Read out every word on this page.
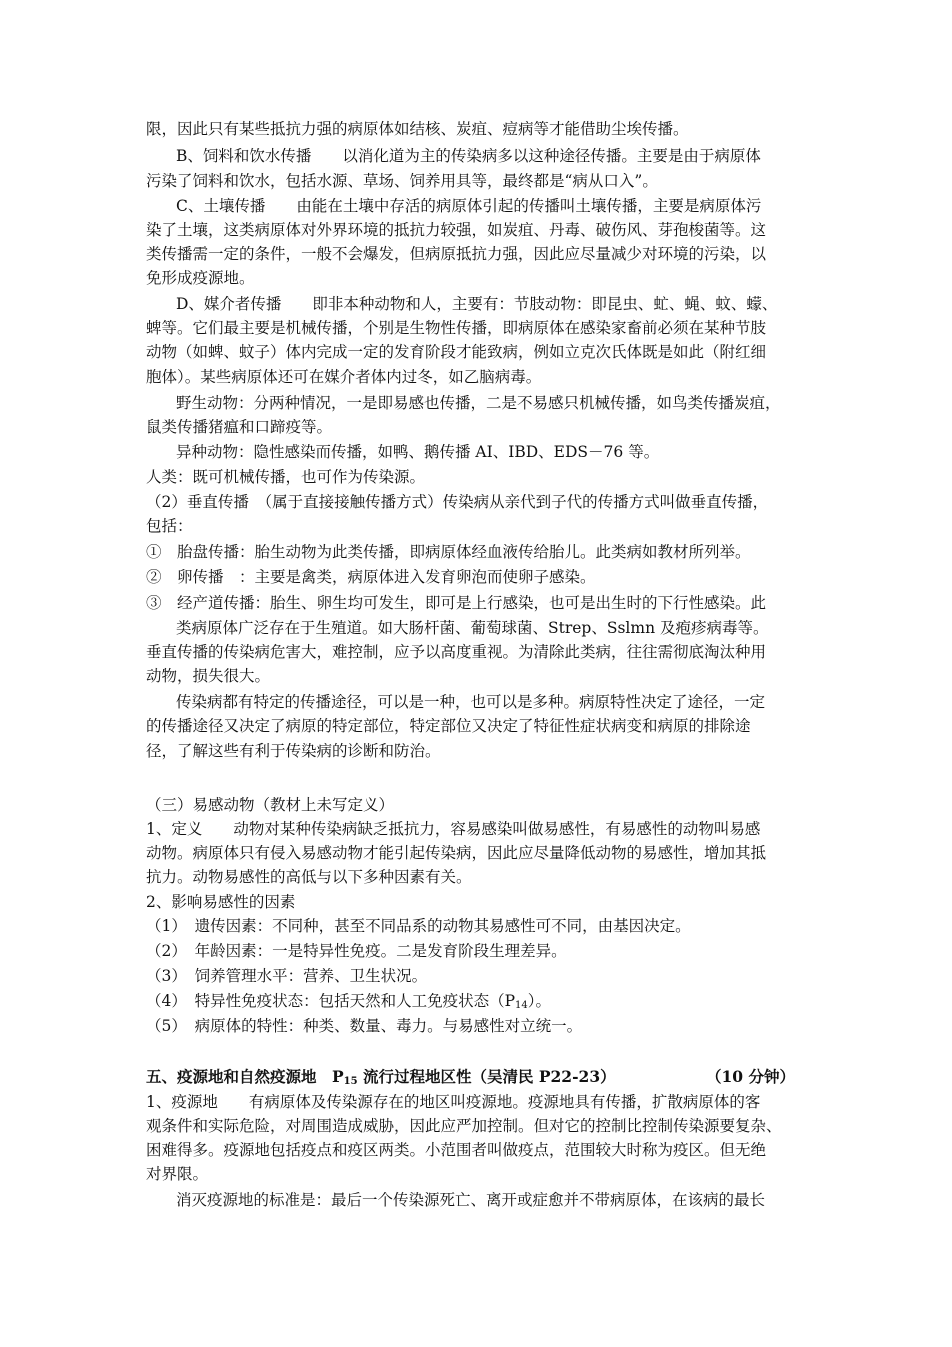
限，因此只有某些抵抗力强的病原体如结核、炭疽、痘病等才能借助尘埃传播。
B、饲料和饮水传播　　以消化道为主的传染病多以这种途径传播。主要是由于病原体
污染了饲料和饮水，包括水源、草场、饲养用具等，最终都是“病从口入”。
C、土壤传播　　由能在土壤中存活的病原体引起的传播叫土壤传播，主要是病原体污
染了土壤，这类病原体对外界环境的抵抗力较强，如炭疽、丹毒、破伤风、芽孢梭菌等。这
类传播需一定的条件，一般不会爆发，但病原抵抗力强，因此应尽量减少对环境的污染，以
免形成疫源地。
D、媒介者传播　　即非本种动物和人，主要有：节肢动物：即昆虫、虻、蝇、蚊、蠓、
蜱等。它们最主要是机械传播，个别是生物性传播，即病原体在感染家畜前必须在某种节肢
动物（如蜱、蚊子）体内完成一定的发育阶段才能致病，例如立克次氏体既是如此（附红细
胞体）。某些病原体还可在媒介者体内过冬，如乙脑病毒。
野生动物：分两种情况，一是即易感也传播，二是不易感只机械传播，如鸟类传播炭疽，
鼠类传播猪瘟和口蹄疫等。
异种动物：隐性感染而传播，如鸭、鹅传播 AI、IBD、EDS－76 等。
人类：既可机械传播，也可作为传染源。
（2）垂直传播　（属于直接接触传播方式）传染病从亲代到子代的传播方式叫做垂直传播，
包括：
①　胎盘传播：胎生动物为此类传播，即病原体经血液传给胎儿。此类病如教材所列举。
②　卵传播　：主要是禽类，病原体进入发育卵泡而使卵子感染。
③　经产道传播：胎生、卵生均可发生，即可是上行感染，也可是出生时的下行性感染。此
类病原体广泛存在于生殖道。如大肠杆菌、葡萄球菌、Strep、Sslmn 及疱疹病毒等。
垂直传播的传染病危害大，难控制，应予以高度重视。为清除此类病，往往需彻底淘汰种用
动物，损失很大。
传染病都有特定的传播途径，可以是一种，也可以是多种。病原特性决定了途径，一定
的传播途径又决定了病原的特定部位，特定部位又决定了特征性症状病变和病原的排除途
径，了解这些有利于传染病的诊断和防治。
（三）易感动物（教材上未写定义）
1、定义　　动物对某种传染病缺乏抵抗力，容易感染叫做易感性，有易感性的动物叫易感
动物。病原体只有侵入易感动物才能引起传染病，因此应尽量降低动物的易感性，增加其抵
抗力。动物易感性的高低与以下多种因素有关。
2、影响易感性的因素
（1）　遗传因素：不同种，甚至不同品系的动物其易感性可不同，由基因决定。
（2）　年龄因素：一是特异性免疫。二是发育阶段生理差异。
（3）　饲养管理水平：营养、卫生状况。
（4）　特异性免疫状态：包括天然和人工免疫状态$(P_{14})$。
（5）　病原体的特性：种类、数量、毒力。与易感性对立统一。
五、疫源地和自然疫源地　$P_{15}$ 流行过程地区性（吴清民 P22-23）	（10 分钟）
1、疫源地　　有病原体及传染源存在的地区叫疫源地。疫源地具有传播，扩散病原体的客
观条件和实际危险，对周围造成威胁，因此应严加控制。但对它的控制比控制传染源要复杂、
困难得多。疫源地包括疫点和疫区两类。小范围者叫做疫点，范围较大时称为疫区。但无绝
对界限。
消灭疫源地的标准是：最后一个传染源死亡、离开或症愈并不带病原体，在该病的最长
